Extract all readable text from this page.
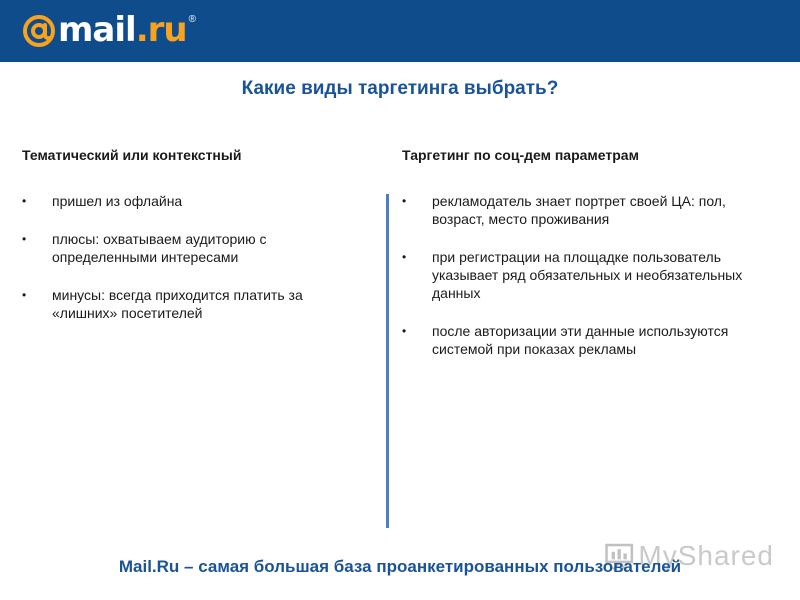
mail.ru ®
Какие виды таргетинга выбрать?

Тематический или контекстный

• пришел из офлайна
• плюсы: охватываем аудиторию с определенными интересами
• минусы: всегда приходится платить за «лишних» посетителей

Таргетинг по соц-дем параметрам

• рекламодатель знает портрет своей ЦА: пол, возраст, место проживания
• при регистрации на площадке пользователь указывает ряд обязательных и необязательных данных
• после авторизации эти данные используются системой при показах рекламы
MyShared

Mail.Ru – самая большая база проанкетированных пользователей
